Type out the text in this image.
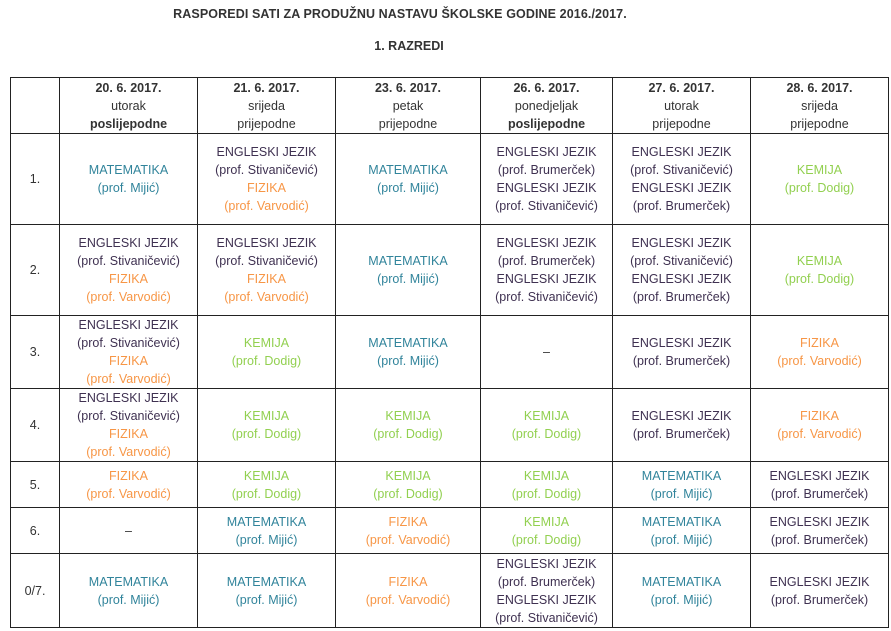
RASPOREDI SATI ZA PRODUŽNU NASTAVU ŠKOLSKE GODINE 2016./2017.
1. RAZREDI

	20. 6. 2017.
utorak
poslijepodne	21. 6. 2017.
srijeda
prijepodne	23. 6. 2017.
petak
prijepodne	26. 6. 2017.
ponedjeljak
poslijepodne	27. 6. 2017.
utorak
prijepodne	28. 6. 2017.
srijeda
prijepodne

1.	MATEMATIKA
(prof. Mijić)	ENGLESKI JEZIK
(prof. Stivaničević)
FIZIKA
(prof. Varvodić)	MATEMATIKA
(prof. Mijić)	ENGLESKI JEZIK
(prof. Brumerček)
ENGLESKI JEZIK
(prof. Stivaničević)	ENGLESKI JEZIK
(prof. Stivaničević)
ENGLESKI JEZIK
(prof. Brumerček)	KEMIJA
(prof. Dodig)

2.	ENGLESKI JEZIK
(prof. Stivaničević)
FIZIKA
(prof. Varvodić)	ENGLESKI JEZIK
(prof. Stivaničević)
FIZIKA
(prof. Varvodić)	MATEMATIKA
(prof. Mijić)	ENGLESKI JEZIK
(prof. Brumerček)
ENGLESKI JEZIK
(prof. Stivaničević)	ENGLESKI JEZIK
(prof. Stivaničević)
ENGLESKI JEZIK
(prof. Brumerček)	KEMIJA
(prof. Dodig)

3.	ENGLESKI JEZIK
(prof. Stivaničević)
FIZIKA
(prof. Varvodić)	KEMIJA
(prof. Dodig)	MATEMATIKA
(prof. Mijić)	–	ENGLESKI JEZIK
(prof. Brumerček)	FIZIKA
(prof. Varvodić)

4.	ENGLESKI JEZIK
(prof. Stivaničević)
FIZIKA
(prof. Varvodić)	KEMIJA
(prof. Dodig)	KEMIJA
(prof. Dodig)	KEMIJA
(prof. Dodig)	ENGLESKI JEZIK
(prof. Brumerček)	FIZIKA
(prof. Varvodić)

5.	FIZIKA
(prof. Varvodić)	KEMIJA
(prof. Dodig)	KEMIJA
(prof. Dodig)	KEMIJA
(prof. Dodig)	MATEMATIKA
(prof. Mijić)	ENGLESKI JEZIK
(prof. Brumerček)

6.	–	MATEMATIKA
(prof. Mijić)	FIZIKA
(prof. Varvodić)	KEMIJA
(prof. Dodig)	MATEMATIKA
(prof. Mijić)	ENGLESKI JEZIK
(prof. Brumerček)

0/7.	MATEMATIKA
(prof. Mijić)	MATEMATIKA
(prof. Mijić)	FIZIKA
(prof. Varvodić)	ENGLESKI JEZIK
(prof. Brumerček)
ENGLESKI JEZIK
(prof. Stivaničević)	MATEMATIKA
(prof. Mijić)	ENGLESKI JEZIK
(prof. Brumerček)
